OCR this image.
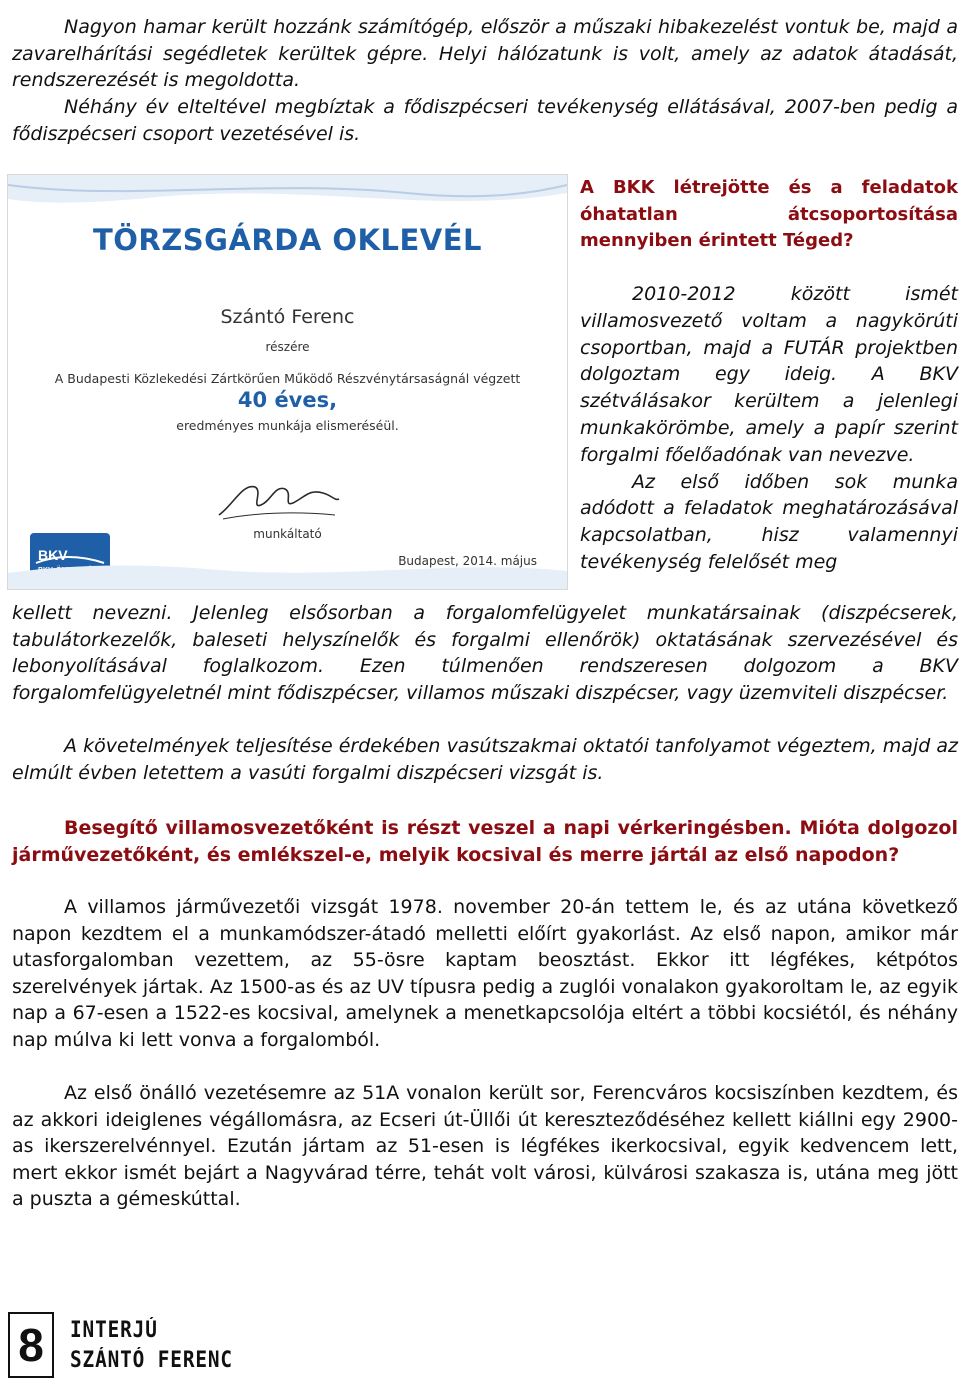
Nagyon hamar került hozzánk számítógép, először a műszaki hibakezelést vontuk be, majd a zavarelhárítási segédletek kerültek gépre. Helyi hálózatunk is volt, amely az adatok átadását, rendszerezését is megoldotta.
Néhány év elteltével megbíztak a fődiszpécseri tevékenység ellátásával, 2007-ben pedig a fődiszpécseri csoport vezetésével is.
TÖRZSGÁRDA OKLEVÉL
Szántó Ferenc
részére
A Budapesti Közlekedési Zártkörűen Működő Részvénytársaságnál végzett
40 éves,
eredményes munkája elismeréséül.
munkáltató
BKV	Budapest, 2014. május
A BKK létrejötte és a feladatok óhatatlan átcsoportosítása mennyiben érintett Téged?

2010-2012 között ismét villamosvezető voltam a nagykörúti csoportban, majd a FUTÁR projektben dolgoztam egy ideig. A BKV szétválásakor kerültem a jelenlegi munkakörömbe, amely a papír szerint forgalmi főelőadónak van nevezve.

Az első időben sok munka adódott a feladatok meghatározásával kapcsolatban, hisz valamennyi tevékenység felelősét meg

kellett nevezni. Jelenleg elsősorban a forgalomfelügyelet munkatársainak (diszpécserek, tabulátorkezelők, baleseti helyszínelők és forgalmi ellenőrök) oktatásának szervezésével és lebonyolításával foglalkozom. Ezen túlmenően rendszeresen dolgozom a BKV forgalomfelügyeletnél mint fődiszpécser, villamos műszaki diszpécser, vagy üzemviteli diszpécser.
A követelmények teljesítése érdekében vasútszakmai oktatói tanfolyamot végeztem, majd az elmúlt évben letettem a vasúti forgalmi diszpécseri vizsgát is.
Besegítő villamosvezetőként is részt veszel a napi vérkeringésben. Mióta dolgozol járművezetőként, és emlékszel-e, melyik kocsival és merre jártál az első napodon?
A villamos járművezetői vizsgát 1978. november 20-án tettem le, és az utána következő napon kezdtem el a munkamódszer-átadó melletti előírt gyakorlást. Az első napon, amikor már utasforgalomban vezettem, az 55-ösre kaptam beosztást. Ekkor itt légfékes, kétpótos szerelvények jártak. Az 1500-as és az UV típusra pedig a zuglói vonalakon gyakoroltam le, az egyik nap a 67-esen a 1522-es kocsival, amelynek a menetkapcsolója eltért a többi kocsiétól, és néhány nap múlva ki lett vonva a forgalomból.
Az első önálló vezetésemre az 51A vonalon került sor, Ferencváros kocsiszínben kezdtem, és az akkori ideiglenes végállomásra, az Ecseri út-Üllői út kereszteződéséhez kellett kiállni egy 2900-as ikerszerelvénnyel. Ezután jártam az 51-esen is légfékes ikerkocsival, egyik kedvencem lett, mert ekkor ismét bejárt a Nagyvárad térre, tehát volt városi, külvárosi szakasza is, utána meg jött a puszta a gémeskúttal.
8	INTERJÚ
SZÁNTÓ FERENC
